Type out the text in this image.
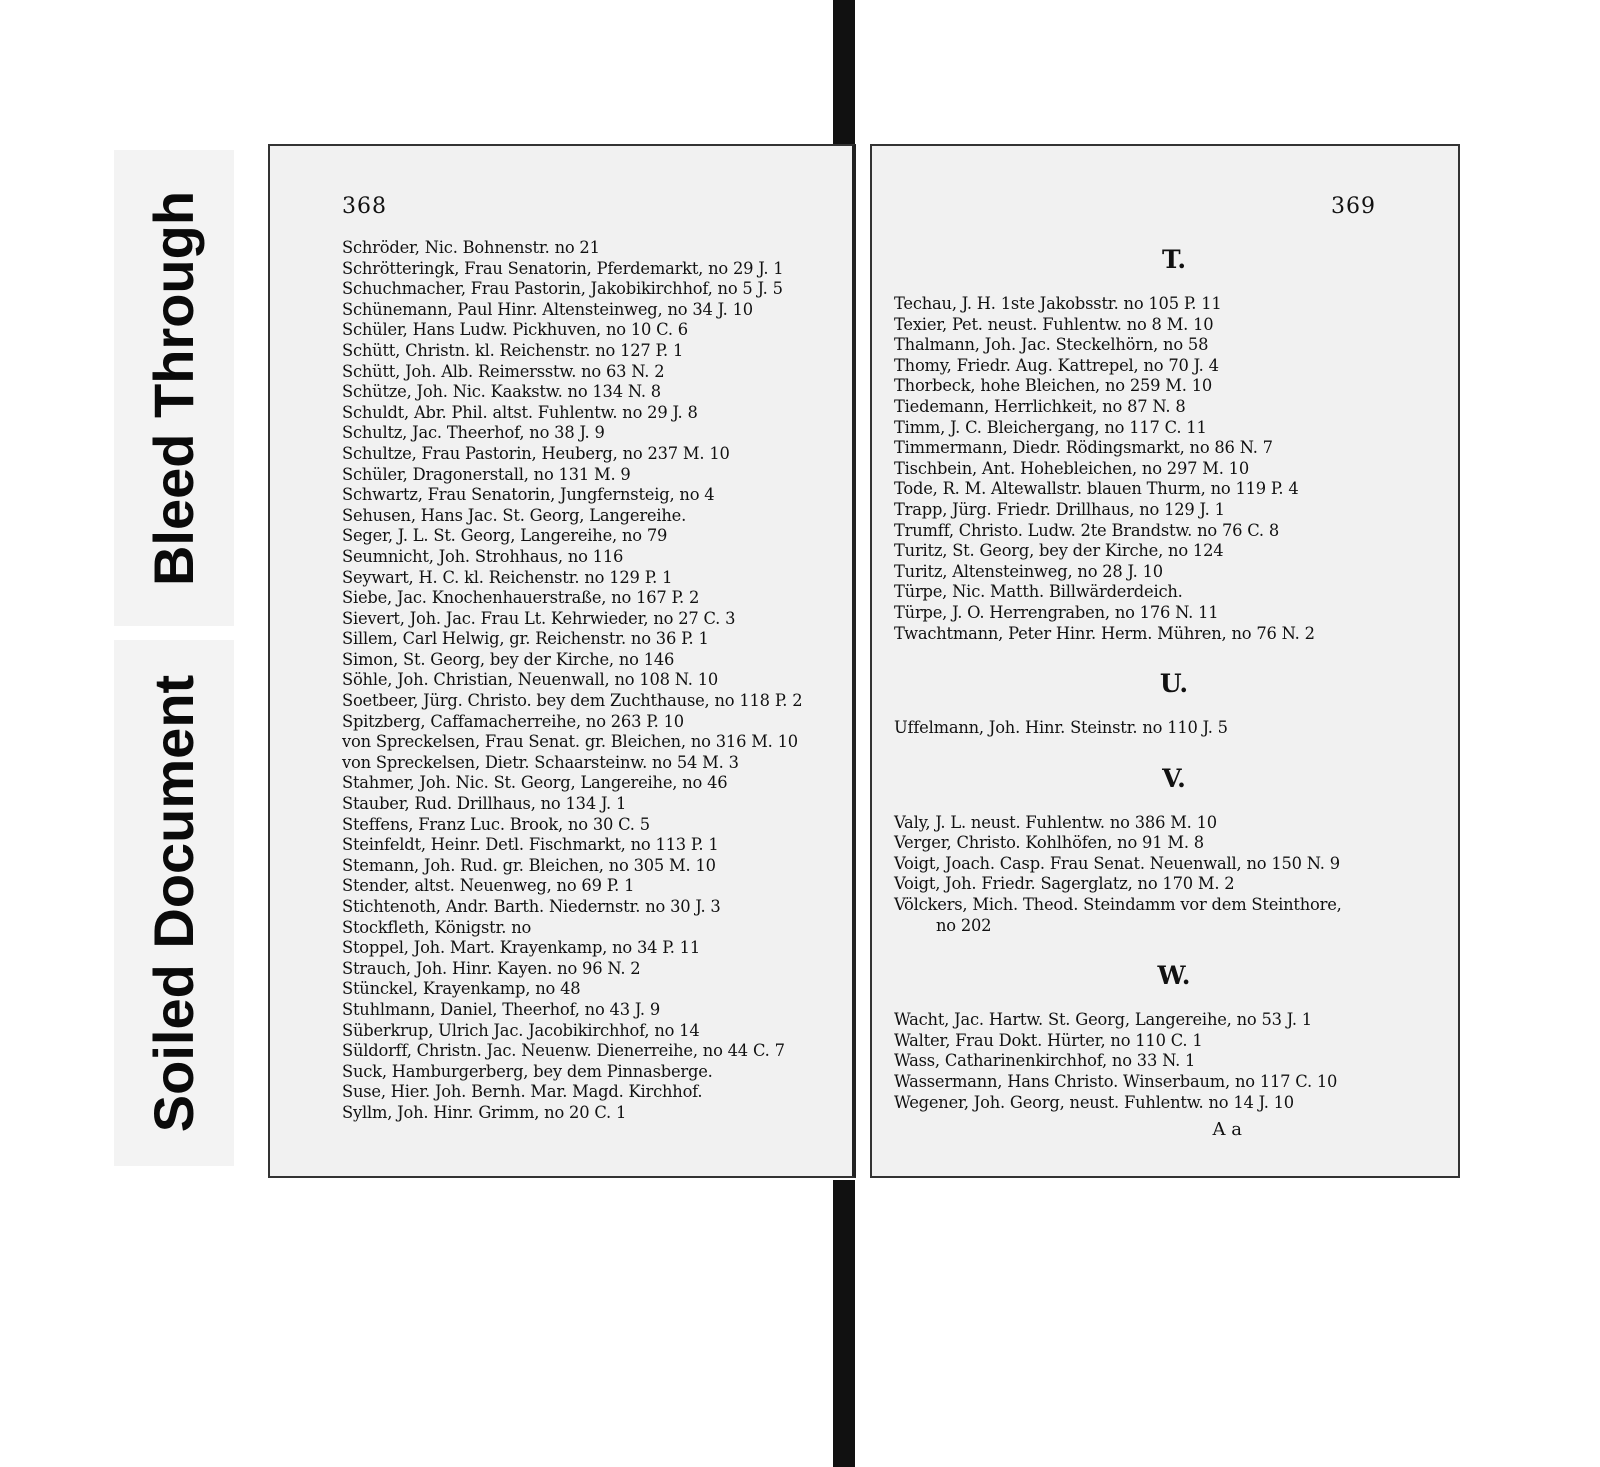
Bleed Through
Soiled Document
368
Schröder, Nic. Bohnenstr. no 21
Schrötteringk, Frau Senatorin, Pferdemarkt, no 29 J. 1
Schuchmacher, Frau Pastorin, Jakobikirchhof, no 5 J. 5
Schünemann, Paul Hinr. Altensteinweg, no 34 J. 10
Schüler, Hans Ludw. Pickhuven, no 10 C. 6
Schütt, Christn. kl. Reichenstr. no 127 P. 1
Schütt, Joh. Alb. Reimersstw. no 63 N. 2
Schütze, Joh. Nic. Kaakstw. no 134 N. 8
Schuldt, Abr. Phil. altst. Fuhlentw. no 29 J. 8
Schultz, Jac. Theerhof, no 38 J. 9
Schultze, Frau Pastorin, Heuberg, no 237 M. 10
Schüler, Dragonerstall, no 131 M. 9
Schwartz, Frau Senatorin, Jungfernsteig, no 4
Sehusen, Hans Jac. St. Georg, Langereihe.
Seger, J. L. St. Georg, Langereihe, no 79
Seumnicht, Joh. Strohhaus, no 116
Seywart, H. C. kl. Reichenstr. no 129 P. 1
Siebe, Jac. Knochenhauerstraße, no 167 P. 2
Sievert, Joh. Jac. Frau Lt. Kehrwieder, no 27 C. 3
Sillem, Carl Helwig, gr. Reichenstr. no 36 P. 1
Simon, St. Georg, bey der Kirche, no 146
Söhle, Joh. Christian, Neuenwall, no 108 N. 10
Soetbeer, Jürg. Christo. bey dem Zuchthause, no 118 P. 2
Spitzberg, Caffamacherreihe, no 263 P. 10
von Spreckelsen, Frau Senat. gr. Bleichen, no 316 M. 10
von Spreckelsen, Dietr. Schaarsteinw. no 54 M. 3
Stahmer, Joh. Nic. St. Georg, Langereihe, no 46
Stauber, Rud. Drillhaus, no 134 J. 1
Steffens, Franz Luc. Brook, no 30 C. 5
Steinfeldt, Heinr. Detl. Fischmarkt, no 113 P. 1
Stemann, Joh. Rud. gr. Bleichen, no 305 M. 10
Stender, altst. Neuenweg, no 69 P. 1
Stichtenoth, Andr. Barth. Niedernstr. no 30 J. 3
Stockfleth, Königstr. no
Stoppel, Joh. Mart. Krayenkamp, no 34 P. 11
Strauch, Joh. Hinr. Kayen. no 96 N. 2
Stünckel, Krayenkamp, no 48
Stuhlmann, Daniel, Theerhof, no 43 J. 9
Süberkrup, Ulrich Jac. Jacobikirchhof, no 14
Süldorff, Christn. Jac. Neuenw. Dienerreihe, no 44 C. 7
Suck, Hamburgerberg, bey dem Pinnasberge.
Suse, Hier. Joh. Bernh. Mar. Magd. Kirchhof.
Syllm, Joh. Hinr. Grimm, no 20 C. 1
369
T.
Techau, J. H. 1ste Jakobsstr. no 105 P. 11
Texier, Pet. neust. Fuhlentw. no 8 M. 10
Thalmann, Joh. Jac. Steckelhörn, no 58
Thomy, Friedr. Aug. Kattrepel, no 70 J. 4
Thorbeck, hohe Bleichen, no 259 M. 10
Tiedemann, Herrlichkeit, no 87 N. 8
Timm, J. C. Bleichergang, no 117 C. 11
Timmermann, Diedr. Rödingsmarkt, no 86 N. 7
Tischbein, Ant. Hohebleichen, no 297 M. 10
Tode, R. M. Altewallstr. blauen Thurm, no 119 P. 4
Trapp, Jürg. Friedr. Drillhaus, no 129 J. 1
Trumff, Christo. Ludw. 2te Brandstw. no 76 C. 8
Turitz, St. Georg, bey der Kirche, no 124
Turitz, Altensteinweg, no 28 J. 10
Türpe, Nic. Matth. Billwärderdeich.
Türpe, J. O. Herrengraben, no 176 N. 11
Twachtmann, Peter Hinr. Herm. Mühren, no 76 N. 2
U.
Uffelmann, Joh. Hinr. Steinstr. no 110 J. 5
V.
Valy, J. L. neust. Fuhlentw. no 386 M. 10
Verger, Christo. Kohlhöfen, no 91 M. 8
Voigt, Joach. Casp. Frau Senat. Neuenwall, no 150 N. 9
Voigt, Joh. Friedr. Sagerglatz, no 170 M. 2
Völckers, Mich. Theod. Steindamm vor dem Steinthore,
no 202
W.
Wacht, Jac. Hartw. St. Georg, Langereihe, no 53 J. 1
Walter, Frau Dokt. Hürter, no 110 C. 1
Wass, Catharinenkirchhof, no 33 N. 1
Wassermann, Hans Christo. Winserbaum, no 117 C. 10
Wegener, Joh. Georg, neust. Fuhlentw. no 14 J. 10
A a
